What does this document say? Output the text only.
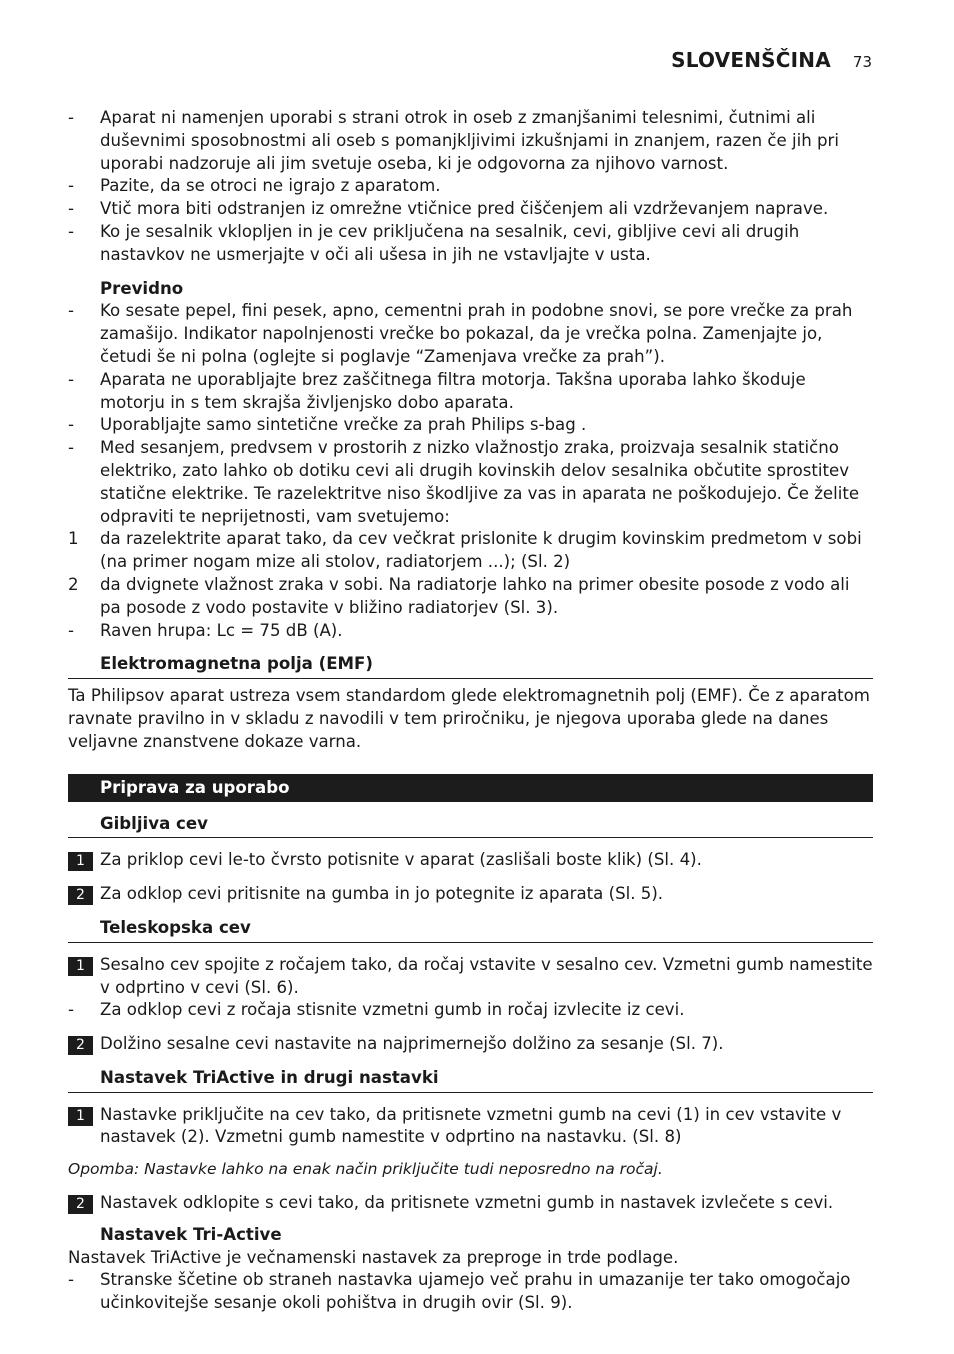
SLOVENŠČINA 73
-	Aparat ni namenjen uporabi s strani otrok in oseb z zmanjšanimi telesnimi, čutnimi ali duševnimi sposobnostmi ali oseb s pomanjkljivimi izkušnjami in znanjem, razen če jih pri uporabi nadzoruje ali jim svetuje oseba, ki je odgovorna za njihovo varnost.
-	Pazite, da se otroci ne igrajo z aparatom.
-	Vtič mora biti odstranjen iz omrežne vtičnice pred čiščenjem ali vzdrževanjem naprave.
-	Ko je sesalnik vklopljen in je cev priključena na sesalnik, cevi, gibljive cevi ali drugih nastavkov ne usmerjajte v oči ali ušesa in jih ne vstavljajte v usta.
Previdno
-	Ko sesate pepel, fini pesek, apno, cementni prah in podobne snovi, se pore vrečke za prah zamašijo. Indikator napolnjenosti vrečke bo pokazal, da je vrečka polna. Zamenjajte jo, četudi še ni polna (oglejte si poglavje “Zamenjava vrečke za prah”).
-	Aparata ne uporabljajte brez zaščitnega filtra motorja. Takšna uporaba lahko škoduje motorju in s tem skrajša življenjsko dobo aparata.
-	Uporabljajte samo sintetične vrečke za prah Philips s-bag .
-	Med sesanjem, predvsem v prostorih z nizko vlažnostjo zraka, proizvaja sesalnik statično elektriko, zato lahko ob dotiku cevi ali drugih kovinskih delov sesalnika občutite sprostitev statične elektrike. Te razelektritve niso škodljive za vas in aparata ne poškodujejo. Če želite odpraviti te neprijetnosti, vam svetujemo:
1	da razelektrite aparat tako, da cev večkrat prislonite k drugim kovinskim predmetom v sobi (na primer nogam mize ali stolov, radiatorjem ...); (Sl. 2)
2	da dvignete vlažnost zraka v sobi. Na radiatorje lahko na primer obesite posode z vodo ali pa posode z vodo postavite v bližino radiatorjev (Sl. 3).
-	Raven hrupa: Lc = 75 dB (A).
Elektromagnetna polja (EMF)
Ta Philipsov aparat ustreza vsem standardom glede elektromagnetnih polj (EMF). Če z aparatom ravnate pravilno in v skladu z navodili v tem priročniku, je njegova uporaba glede na danes veljavne znanstvene dokaze varna.
Priprava za uporabo
Gibljiva cev
1 Za priklop cevi le-to čvrsto potisnite v aparat (zaslišali boste klik) (Sl. 4).
2 Za odklop cevi pritisnite na gumba in jo potegnite iz aparata (Sl. 5).
Teleskopska cev
1 Sesalno cev spojite z ročajem tako, da ročaj vstavite v sesalno cev. Vzmetni gumb namestite v odprtino v cevi (Sl. 6).
-	Za odklop cevi z ročaja stisnite vzmetni gumb in ročaj izvlecite iz cevi.
2 Dolžino sesalne cevi nastavite na najprimernejšo dolžino za sesanje (Sl. 7).
Nastavek TriActive in drugi nastavki
1 Nastavke priključite na cev tako, da pritisnete vzmetni gumb na cevi (1) in cev vstavite v nastavek (2). Vzmetni gumb namestite v odprtino na nastavku. (Sl. 8)
Opomba: Nastavke lahko na enak način priključite tudi neposredno na ročaj.
2 Nastavek odklopite s cevi tako, da pritisnete vzmetni gumb in nastavek izvlečete s cevi.
Nastavek Tri-Active
Nastavek TriActive je večnamenski nastavek za preproge in trde podlage.
-	Stranske ščetine ob straneh nastavka ujamejo več prahu in umazanije ter tako omogočajo učinkovitejše sesanje okoli pohištva in drugih ovir (Sl. 9).
